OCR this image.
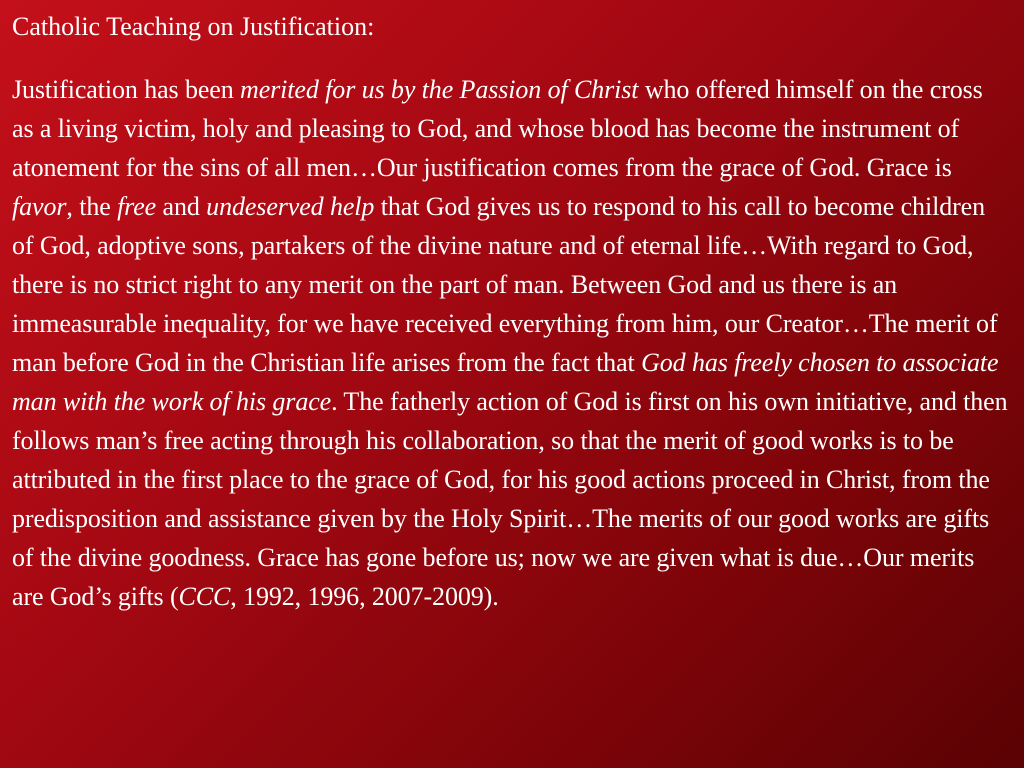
Catholic Teaching on Justification:

Justification has been merited for us by the Passion of Christ who offered himself on the cross as a living victim, holy and pleasing to God, and whose blood has become the instrument of atonement for the sins of all men…Our justification comes from the grace of God. Grace is favor, the free and undeserved help that God gives us to respond to his call to become children of God, adoptive sons, partakers of the divine nature and of eternal life…With regard to God, there is no strict right to any merit on the part of man. Between God and us there is an immeasurable inequality, for we have received everything from him, our Creator…The merit of man before God in the Christian life arises from the fact that God has freely chosen to associate man with the work of his grace. The fatherly action of God is first on his own initiative, and then follows man’s free acting through his collaboration, so that the merit of good works is to be attributed in the first place to the grace of God, for his good actions proceed in Christ, from the predisposition and assistance given by the Holy Spirit…The merits of our good works are gifts of the divine goodness. Grace has gone before us; now we are given what is due…Our merits are God’s gifts (CCC, 1992, 1996, 2007-2009).
